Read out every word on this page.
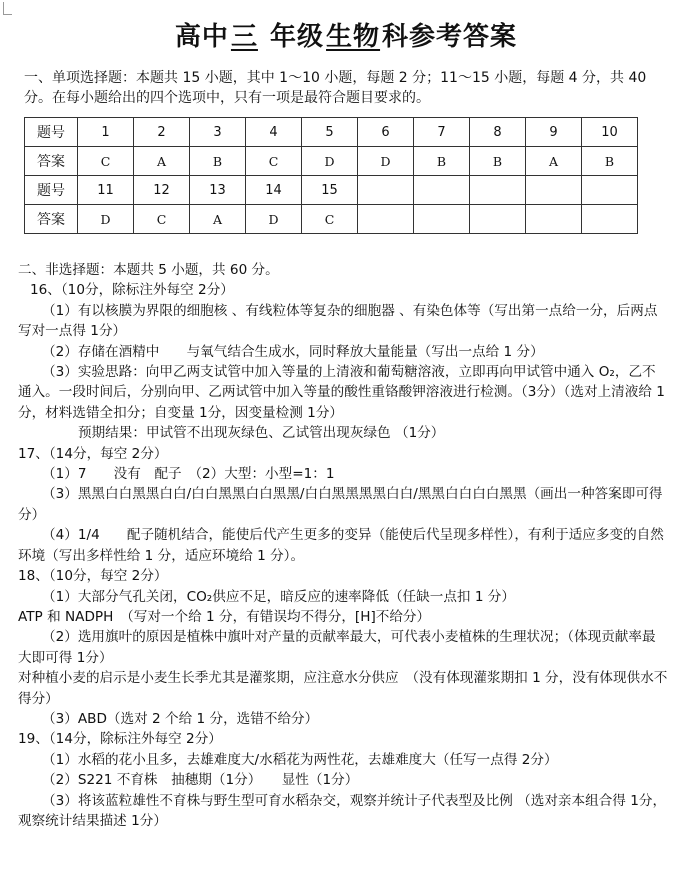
高中三 年级生物科参考答案
一、单项选择题：本题共 15 小题，其中 1～10 小题，每题 2 分；11～15 小题，每题 4 分，共 40 分。在每小题给出的四个选项中，只有一项是最符合题目要求的。
题号	1	2	3	4	5	6	7	8	9	10
答案	C	A	B	C	D	D	B	B	A	B
题号	11	12	13	14	15					
答案	D	C	A	D	C					

二、非选择题：本题共 5 小题，共 60 分。

16、（10分，除标注外每空 2分）

（1）有以核膜为界限的细胞核 、有线粒体等复杂的细胞器 、有染色体等（写出第一点给一分，后两点写对一点得 1分）

（2）存储在酒精中　　与氧气结合生成水，同时释放大量能量（写出一点给 1 分）

（3）实验思路：向甲乙两支试管中加入等量的上清液和葡萄糖溶液，立即再向甲试管中通入 O₂，乙不通入。一段时间后，分别向甲、乙两试管中加入等量的酸性重铬酸钾溶液进行检测。（3分）（选对上清液给 1分，材料选错全扣分；自变量 1分，因变量检测 1分）

预期结果：甲试管不出现灰绿色、乙试管出现灰绿色 （1分）

17、（14分，每空 2分）

（1）7　　没有　配子　（2）大型：小型=1：1

（3）黑黑白白黑黑白白/白白黑黑白白黑黑/白白黑黑黑黑白白/黑黑白白白白黑黑（画出一种答案即可得分）

（4）1/4　　配子随机结合，能使后代产生更多的变异（能使后代呈现多样性），有利于适应多变的自然环境（写出多样性给 1 分，适应环境给 1 分）。

18、（10分，每空 2分）

（1）大部分气孔关闭，CO₂供应不足，暗反应的速率降低（任缺一点扣 1 分）

ATP 和 NADPH　（写对一个给 1 分，有错误均不得分，[H]不给分）

（2）选用旗叶的原因是植株中旗叶对产量的贡献率最大，可代表小麦植株的生理状况；（体现贡献率最大即可得 1分）

对种植小麦的启示是小麦生长季尤其是灌浆期，应注意水分供应　（没有体现灌浆期扣 1 分，没有体现供水不得分）

（3）ABD（选对 2 个给 1 分，选错不给分）

19、（14分，除标注外每空 2分）

（1）水稻的花小且多，去雄难度大/水稻花为两性花，去雄难度大（任写一点得 2分）

（2）S221 不育株　抽穗期（1分）　　显性（1分）

（3）将该蓝粒雄性不育株与野生型可育水稻杂交，观察并统计子代表型及比例 （选对亲本组合得 1分，观察统计结果描述 1分）
